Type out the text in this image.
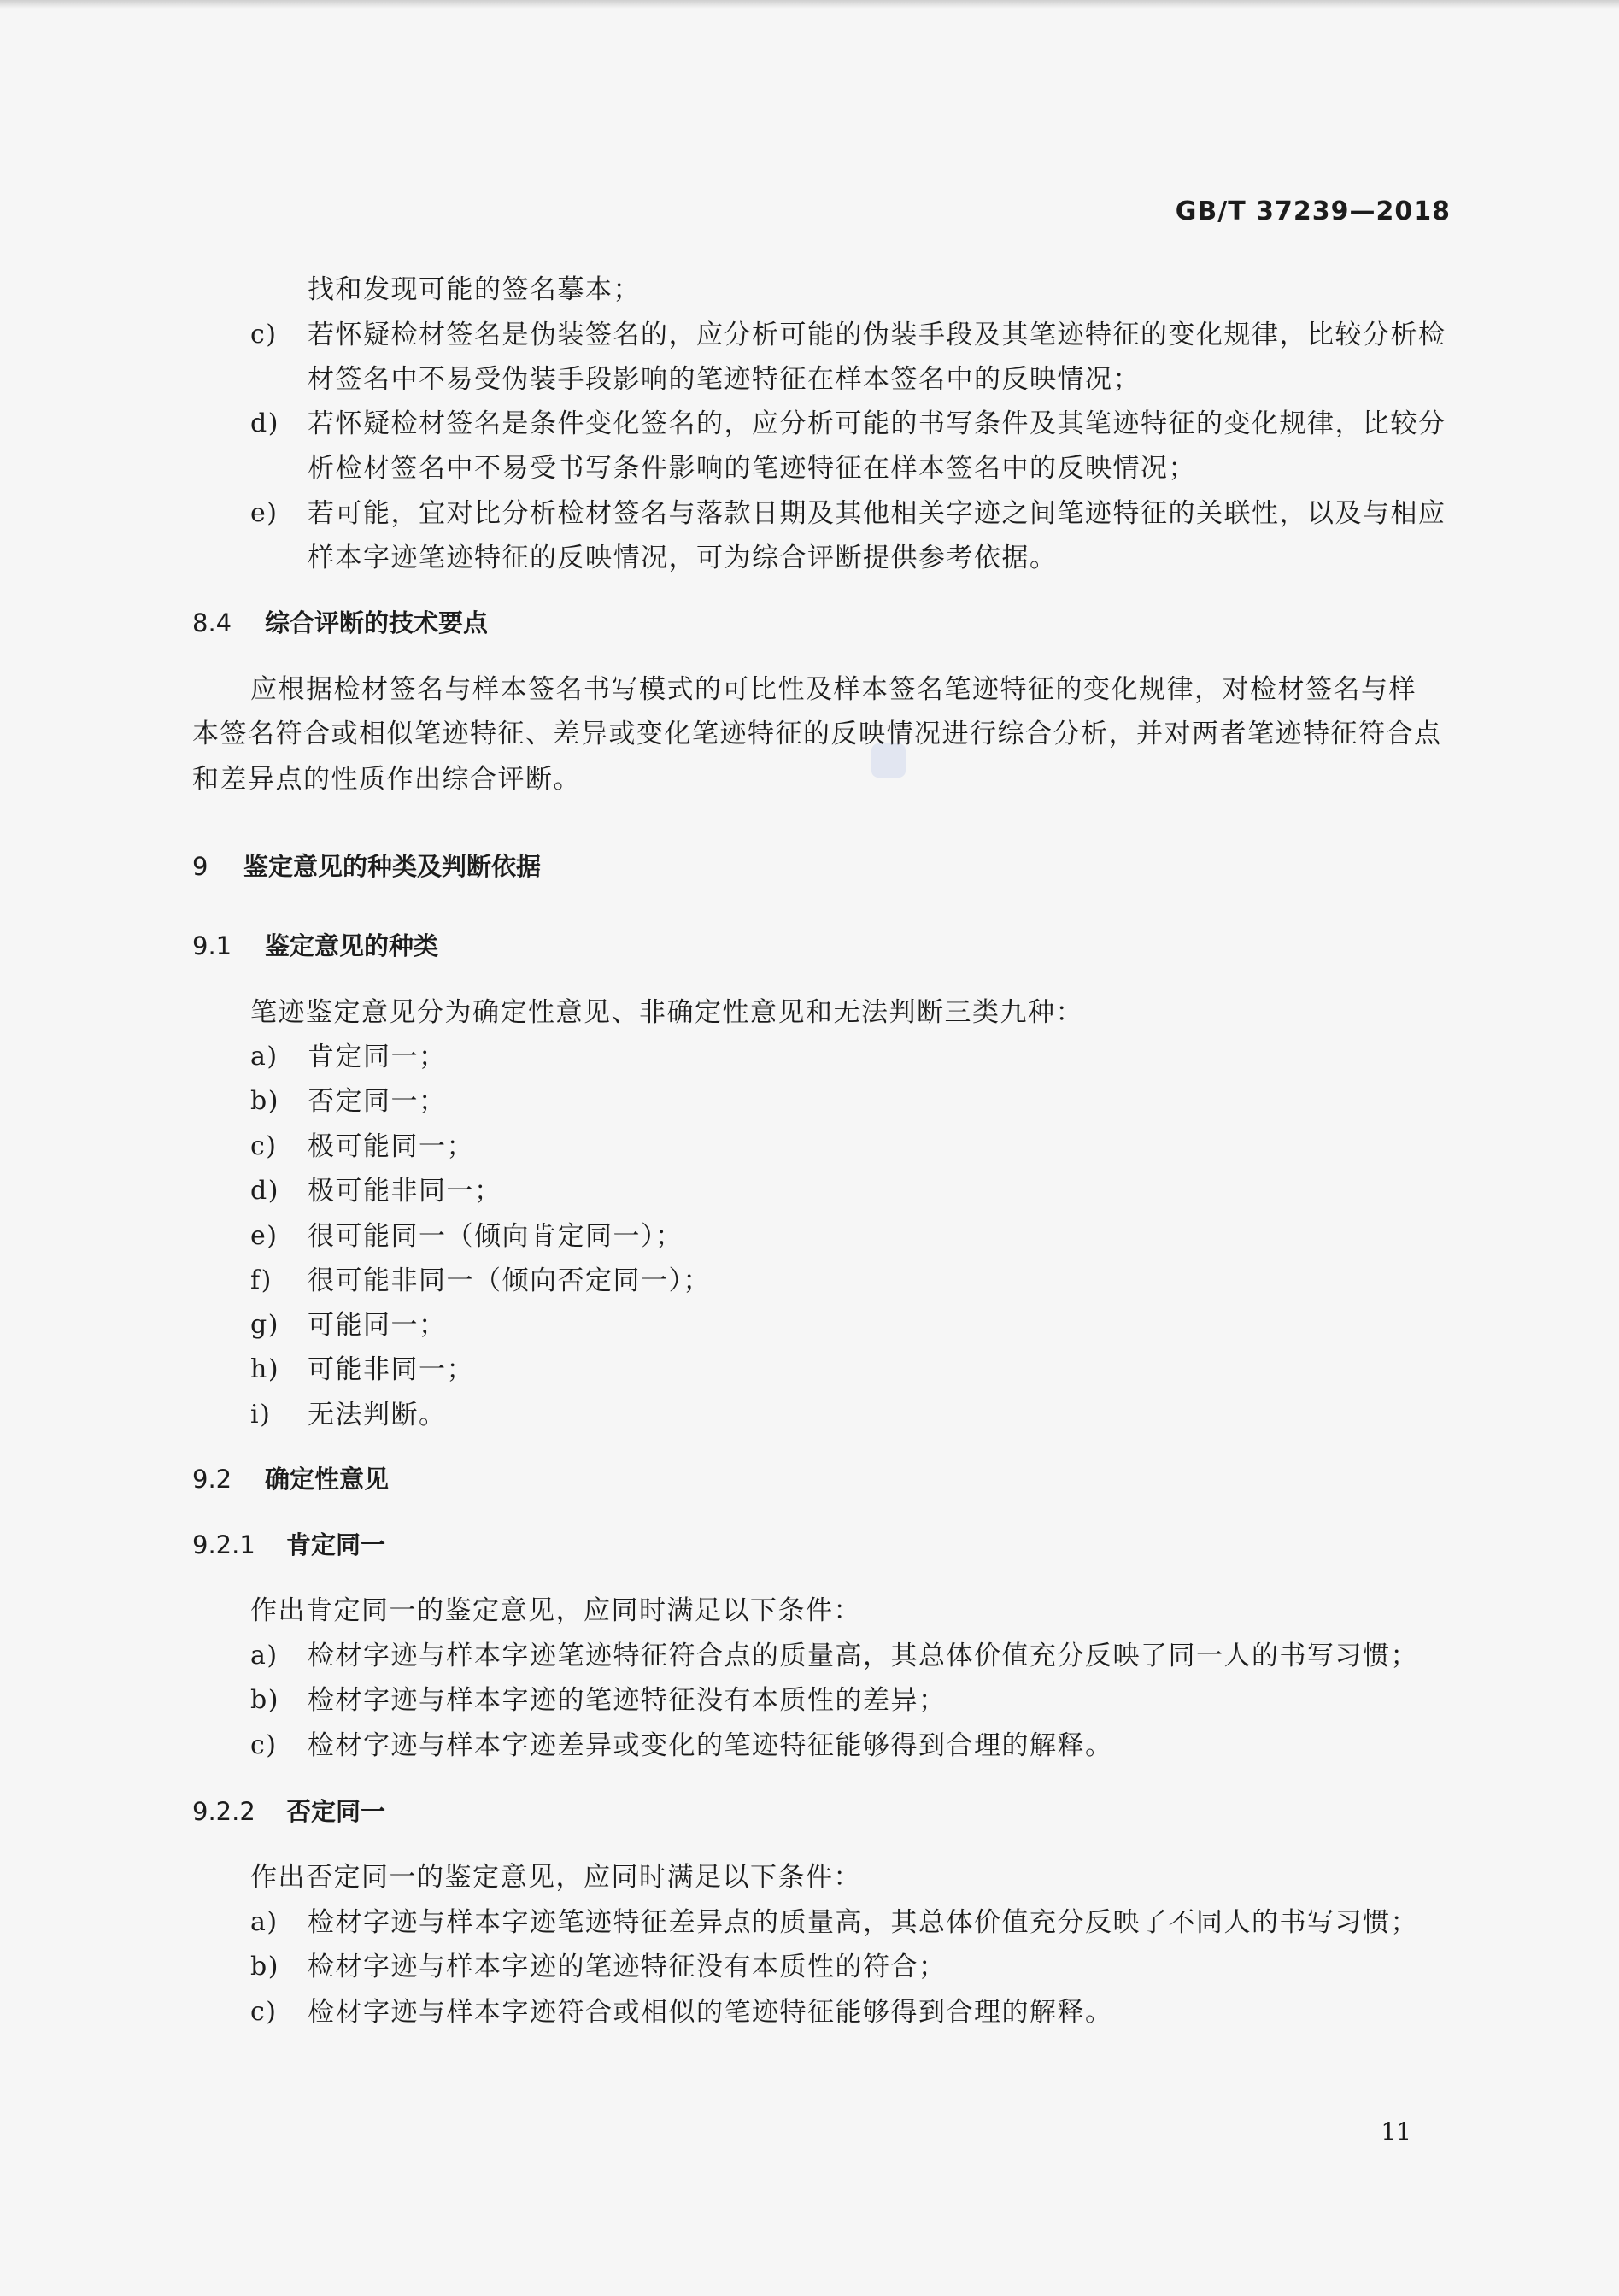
GB/T 37239—2018
找和发现可能的签名摹本；
c) 若怀疑检材签名是伪装签名的，应分析可能的伪装手段及其笔迹特征的变化规律，比较分析检
材签名中不易受伪装手段影响的笔迹特征在样本签名中的反映情况；
d) 若怀疑检材签名是条件变化签名的，应分析可能的书写条件及其笔迹特征的变化规律，比较分
析检材签名中不易受书写条件影响的笔迹特征在样本签名中的反映情况；
e) 若可能，宜对比分析检材签名与落款日期及其他相关字迹之间笔迹特征的关联性，以及与相应
样本字迹笔迹特征的反映情况，可为综合评断提供参考依据。
8.4 综合评断的技术要点
应根据检材签名与样本签名书写模式的可比性及样本签名笔迹特征的变化规律，对检材签名与样
本签名符合或相似笔迹特征、差异或变化笔迹特征的反映情况进行综合分析，并对两者笔迹特征符合点
和差异点的性质作出综合评断。
9 鉴定意见的种类及判断依据
9.1 鉴定意见的种类
笔迹鉴定意见分为确定性意见、非确定性意见和无法判断三类九种：
a) 肯定同一；
b) 否定同一；
c) 极可能同一；
d) 极可能非同一；
e) 很可能同一（倾向肯定同一）；
f) 很可能非同一（倾向否定同一）；
g) 可能同一；
h) 可能非同一；
i) 无法判断。
9.2 确定性意见
9.2.1 肯定同一
作出肯定同一的鉴定意见，应同时满足以下条件：
a) 检材字迹与样本字迹笔迹特征符合点的质量高，其总体价值充分反映了同一人的书写习惯；
b) 检材字迹与样本字迹的笔迹特征没有本质性的差异；
c) 检材字迹与样本字迹差异或变化的笔迹特征能够得到合理的解释。
9.2.2 否定同一
作出否定同一的鉴定意见，应同时满足以下条件：
a) 检材字迹与样本字迹笔迹特征差异点的质量高，其总体价值充分反映了不同人的书写习惯；
b) 检材字迹与样本字迹的笔迹特征没有本质性的符合；
c) 检材字迹与样本字迹符合或相似的笔迹特征能够得到合理的解释。
11
